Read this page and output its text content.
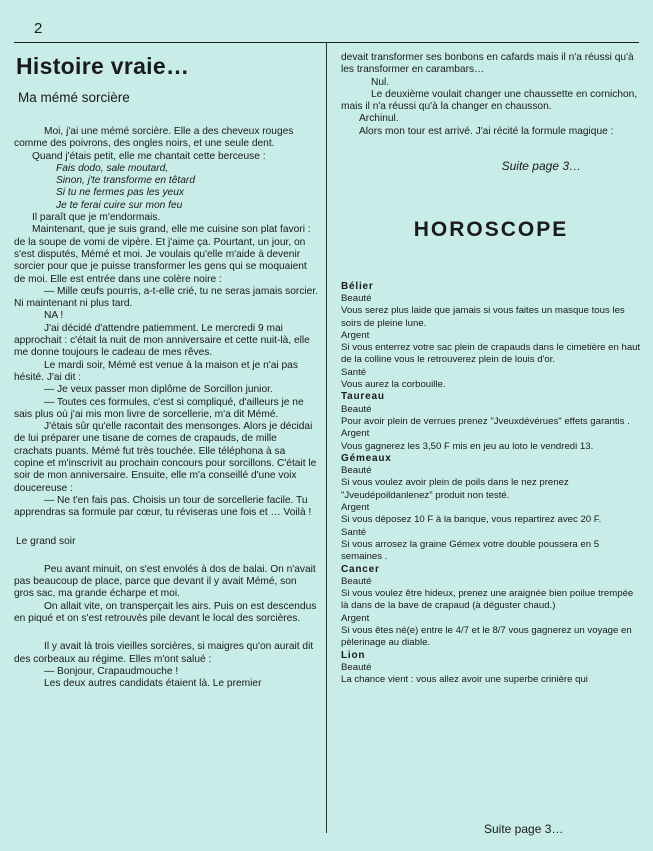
2
Histoire vraie…
Ma mémé sorcière

Moi, j'ai une mémé sorcière. Elle a des cheveux rouges comme des poivrons, des ongles noirs, et une seule dent.

Quand j'étais petit, elle me chantait cette berceuse :

Fais dodo, sale moutard,

Sinon, j'te transforme en têtard

Si tu ne fermes pas les yeux

Je te ferai cuire sur mon feu

Il paraît que je m'endormais.

Maintenant, que je suis grand, elle me cuisine son plat favori : de la soupe de vomi de vipère. Et j'aime ça. Pourtant, un jour, on s'est disputés, Mémé et moi. Je voulais qu'elle m'aide à devenir sorcier pour que je puisse transformer les gens qui se moquaient de moi. Elle est entrée dans une colère noire :

— Mille œufs pourris, a-t-elle crié, tu ne seras jamais sorcier. Ni maintenant ni plus tard.

NA !

J'ai décidé d'attendre patiemment. Le mercredi 9 mai approchait : c'était la nuit de mon anniversaire et cette nuit-là, elle me donne toujours le cadeau de mes rêves.

Le mardi soir, Mémé est venue à la maison et je n'ai pas hésité. J'ai dit :

— Je veux passer mon diplôme de Sorcillon junior.

— Toutes ces formules, c'est si compliqué, d'ailleurs je ne sais plus où j'ai mis mon livre de sorcellerie, m'a dit Mémé.

J'étais sûr qu'elle racontait des mensonges. Alors je décidai de lui préparer une tisane de cornes de crapauds, de mille crachats puants. Mémé fut très touchée. Elle téléphona à sa copine et m'inscrivit au prochain concours pour sorcillons. C'était le soir de mon anniversaire. Ensuite, elle m'a conseillé d'une voix doucereuse :

— Ne t'en fais pas. Choisis un tour de sorcellerie facile. Tu apprendras sa formule par cœur, tu réviseras une fois et … Voilà !

Le grand soir

Peu avant minuit, on s'est envolés à dos de balai. On n'avait pas beaucoup de place, parce que devant il y avait Mémé, son gros sac, ma grande écharpe et moi.

On allait vite, on transperçait les airs. Puis on est descendus en piqué et on s'est retrouvés pile devant le local des sorcières.

Il y avait là trois vieilles sorcières, si maigres qu'on aurait dit des corbeaux au régime. Elles m'ont salué :

— Bonjour, Crapaudmouche !

Les deux autres candidats étaient là. Le premier

devait transformer ses bonbons en cafards mais il n'a réussi qu'à les transformer en carambars…

Nul.

Le deuxième voulait changer une chaussette en cornichon, mais il n'a réussi qu'à la changer en chausson.

Archinul.

Alors mon tour est arrivé. J'ai récité la formule magique :

Suite page 3…
HOROSCOPE
Bélier
Beauté
Vous serez plus laide que jamais si vous faites un masque tous les soirs de pleine lune.
Argent
Si vous enterrez votre sac plein de crapauds dans le cimetière en haut de la colline vous le retrouverez plein de louis d'or.
Santé
Vous aurez la corbouille.
Taureau
Beauté
Pour avoir plein de verrues prenez "Jveuxdévérues" effets garantis .
Argent
Vous gagnerez les 3,50 F mis en jeu au loto le vendredi 13.
Gémeaux
Beauté
Si vous voulez avoir plein de poils dans le nez prenez "Jveudépoildanlenez" produit non testé.
Argent
Si vous déposez 10 F à la banque, vous repartirez avec 20 F.
Santé
Si vous arrosez la graine Gémex votre double poussera en 5 semaines .
Cancer
Beauté
Si vous voulez être hideux, prenez une araignée bien poilue trempée là dans de la bave de crapaud (à déguster chaud.)
Argent
Si vous êtes né(e) entre le 4/7 et le 8/7 vous gagnerez un voyage en pèlerinage au diable.
Lion
Beauté
La chance vient : vous allez avoir une superbe crinière qui
Suite page 3…
